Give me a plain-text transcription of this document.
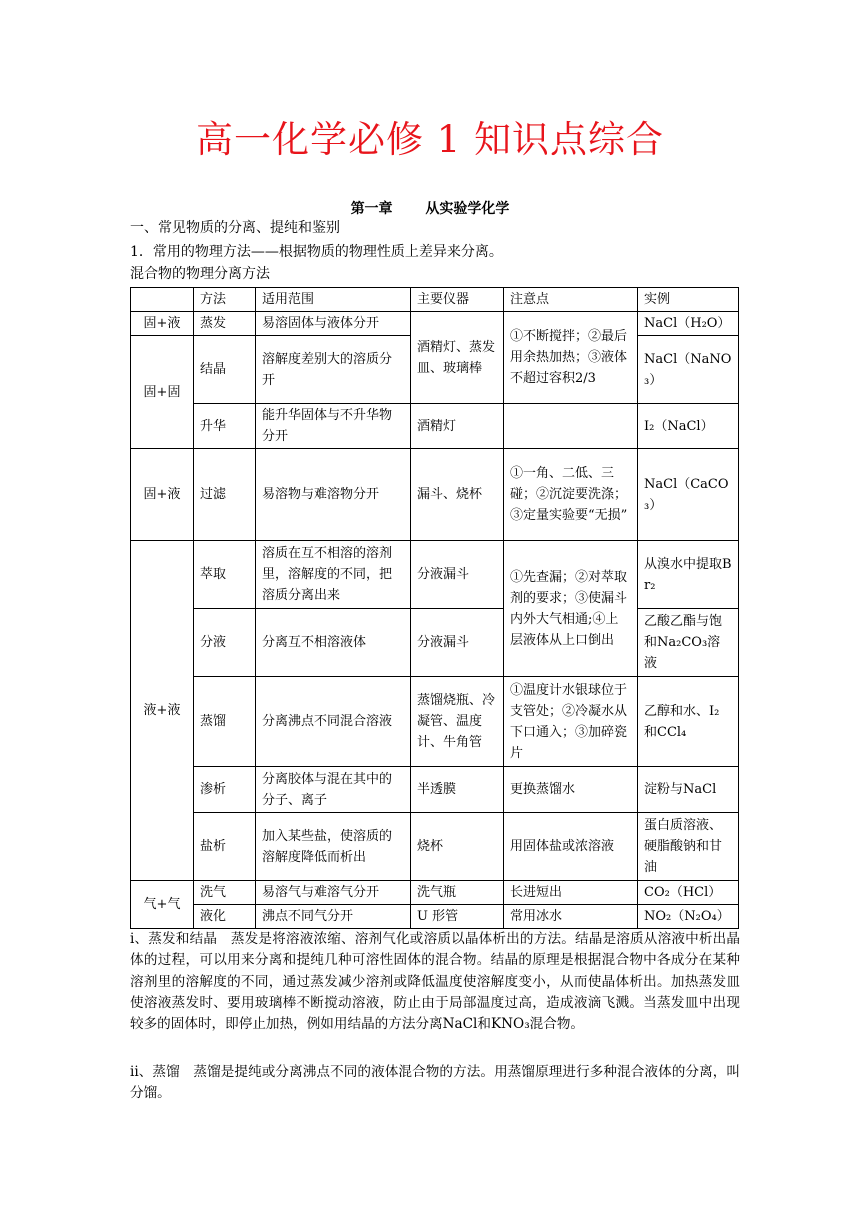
高一化学必修 1 知识点综合
第一章　 从实验学化学
一、常见物质的分离、提纯和鉴别
1．常用的物理方法——根据物质的物理性质上差异来分离。
混合物的物理分离方法
	方法	适用范围	主要仪器	注意点	实例
固+液	蒸发	易溶固体与液体分开	酒精灯、蒸发皿、玻璃棒	①不断搅拌；②最后用余热加热；③液体不超过容积2/3	NaCl（H₂O）
固+固	结晶	溶解度差别大的溶质分开			NaCl（NaNO₃）
	升华	能升华固体与不升华物分开	酒精灯		I₂（NaCl）
固+液	过滤	易溶物与难溶物分开	漏斗、烧杯	①一角、二低、三碰；②沉淀要洗涤；③定量实验要“无损”	NaCl（CaCO₃）
液+液	萃取	溶质在互不相溶的溶剂里，溶解度的不同，把溶质分离出来	分液漏斗	①先查漏；②对萃取剂的要求；③使漏斗内外大气相通;④上层液体从上口倒出	从溴水中提取Br₂
	分液	分离互不相溶液体	分液漏斗		乙酸乙酯与饱和Na₂CO₃溶液
	蒸馏	分离沸点不同混合溶液	蒸馏烧瓶、冷凝管、温度计、牛角管	①温度计水银球位于支管处；②冷凝水从下口通入；③加碎瓷片	乙醇和水、I₂和CCl₄
	渗析	分离胶体与混在其中的分子、离子	半透膜	更换蒸馏水	淀粉与NaCl
	盐析	加入某些盐，使溶质的溶解度降低而析出	烧杯	用固体盐或浓溶液	蛋白质溶液、硬脂酸钠和甘油
气+气	洗气	易溶气与难溶气分开	洗气瓶	长进短出	CO₂（HCl）
	液化	沸点不同气分开	U 形管	常用冰水	NO₂（N₂O₄）
i、蒸发和结晶　蒸发是将溶液浓缩、溶剂气化或溶质以晶体析出的方法。结晶是溶质从溶液中析出晶体的过程，可以用来分离和提纯几种可溶性固体的混合物。结晶的原理是根据混合物中各成分在某种溶剂里的溶解度的不同，通过蒸发减少溶剂或降低温度使溶解度变小，从而使晶体析出。加热蒸发皿使溶液蒸发时、要用玻璃棒不断搅动溶液，防止由于局部温度过高，造成液滴飞溅。当蒸发皿中出现较多的固体时，即停止加热，例如用结晶的方法分离NaCl和KNO₃混合物。
ii、蒸馏　蒸馏是提纯或分离沸点不同的液体混合物的方法。用蒸馏原理进行多种混合液体的分离，叫分馏。
